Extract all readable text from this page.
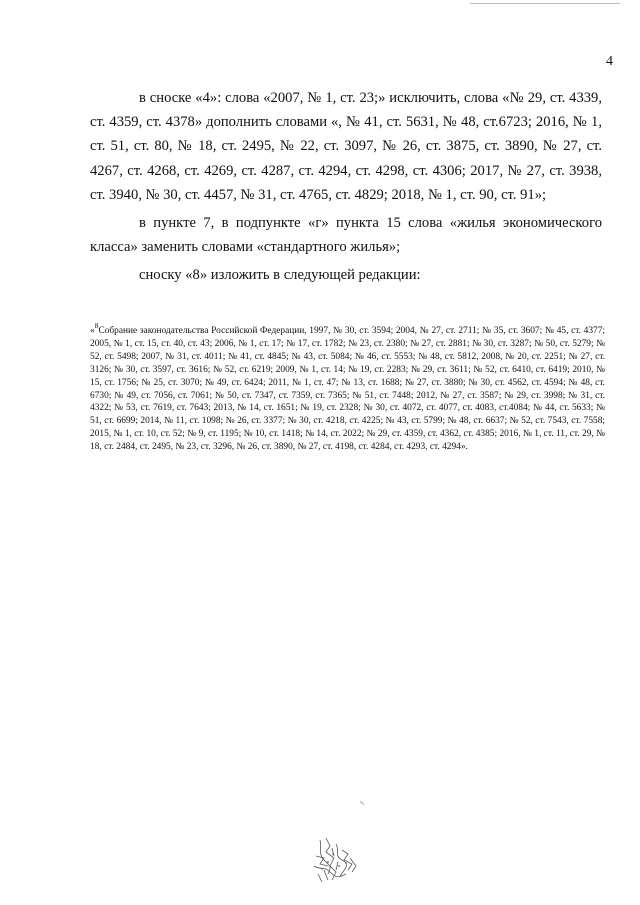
4

в сноске «4»: слова «2007, № 1, ст. 23;» исключить, слова «№ 29, ст. 4339, ст. 4359, ст. 4378» дополнить словами «, № 41, ст. 5631, № 48, ст.6723; 2016, № 1, ст. 51, ст. 80, № 18, ст. 2495, № 22, ст. 3097, № 26, ст. 3875, ст. 3890, № 27, ст. 4267, ст. 4268, ст. 4269, ст. 4287, ст. 4294, ст. 4298, ст. 4306; 2017, № 27, ст. 3938, ст. 3940, № 30, ст. 4457, № 31, ст. 4765, ст. 4829; 2018, № 1, ст. 90, ст. 91»;

в пункте 7, в подпункте «г» пункта 15 слова «жилья экономического класса» заменить словами «стандартного жилья»;

сноску «8» изложить в следующей редакции:

«$^8$Собрание законодательства Российской Федерации, 1997, № 30, ст. 3594; 2004, № 27, ст. 2711; № 35, ст. 3607; № 45, ст. 4377; 2005, № 1, ст. 15, ст. 40, ст. 43; 2006, № 1, ст. 17; № 17, ст. 1782; № 23, ст. 2380; № 27, ст. 2881; № 30, ст. 3287; № 50, ст. 5279; № 52, ст. 5498; 2007, № 31, ст. 4011; № 41, ст. 4845; № 43, ст. 5084; № 46, ст. 5553; № 48, ст. 5812, 2008, № 20, ст. 2251; № 27, ст. 3126; № 30, ст. 3597, ст. 3616; № 52, ст. 6219; 2009, № 1, ст. 14; № 19, ст. 2283; № 29, ст. 3611; № 52, ст. 6410, ст. 6419; 2010, № 15, ст. 1756; № 25, ст. 3070; № 49, ст. 6424; 2011, № 1, ст. 47; № 13, ст. 1688; № 27, ст. 3880; № 30, ст. 4562, ст. 4594; № 48, ст. 6730; № 49, ст. 7056, ст. 7061; № 50, ст. 7347, ст. 7359, ст. 7365; № 51, ст. 7448; 2012, № 27, ст. 3587; № 29, ст. 3998; № 31, ст. 4322; № 53, ст. 7619, ст. 7643; 2013, № 14, ст. 1651; № 19, ст. 2328; № 30, ст. 4072, ст. 4077, ст. 4083, ст.4084; № 44, ст. 5633; № 51, ст. 6699; 2014, № 11, ст. 1098; № 26, ст. 3377; № 30, ст. 4218, ст. 4225; № 43, ст. 5799; № 48, ст. 6637; № 52, ст. 7543, ст. 7558; 2015, № 1, ст. 10, ст. 52; № 9, ст. 1195; № 10, ст. 1418; № 14, ст. 2022; № 29, ст. 4359, ст. 4362, ст. 4385; 2016, № 1, ст. 11, ст. 29, № 18, ст. 2484, ст. 2495, № 23, ст. 3296, № 26, ст. 3890, № 27, ст. 4198, ст. 4284, ст. 4293, ст. 4294».
